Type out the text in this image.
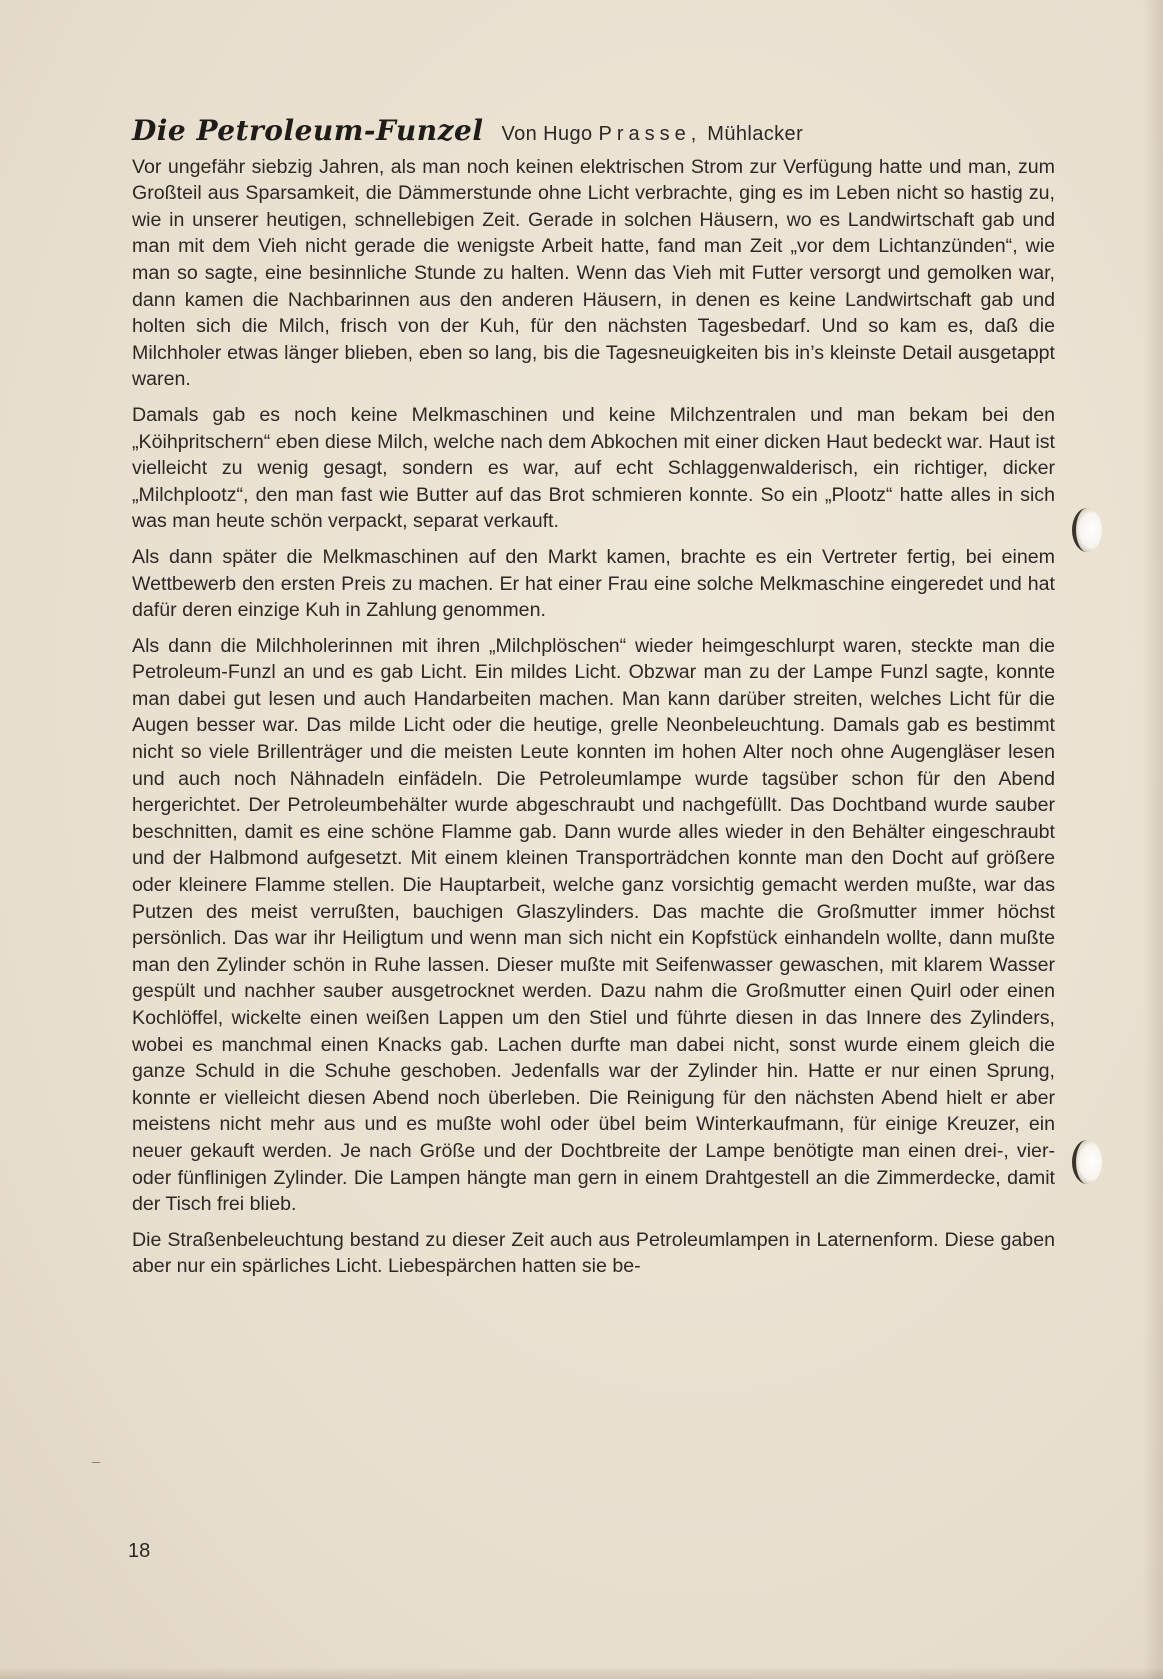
Die Petroleum-Funzel Von Hugo Prasse, Mühlacker

Vor ungefähr siebzig Jahren, als man noch keinen elektrischen Strom zur Verfügung hatte und man, zum Großteil aus Sparsamkeit, die Dämmerstunde ohne Licht verbrachte, ging es im Leben nicht so hastig zu, wie in unserer heutigen, schnellebigen Zeit. Gerade in solchen Häusern, wo es Landwirtschaft gab und man mit dem Vieh nicht gerade die wenigste Arbeit hatte, fand man Zeit „vor dem Lichtanzünden“, wie man so sagte, eine besinnliche Stunde zu halten. Wenn das Vieh mit Futter versorgt und gemolken war, dann kamen die Nachbarinnen aus den anderen Häusern, in denen es keine Landwirtschaft gab und holten sich die Milch, frisch von der Kuh, für den nächsten Tagesbedarf. Und so kam es, daß die Milchholer etwas länger blieben, eben so lang, bis die Tagesneuigkeiten bis in’s kleinste Detail ausgetappt waren.

Damals gab es noch keine Melkmaschinen und keine Milchzentralen und man bekam bei den „Köihpritschern“ eben diese Milch, welche nach dem Abkochen mit einer dicken Haut bedeckt war. Haut ist vielleicht zu wenig gesagt, sondern es war, auf echt Schlaggenwalderisch, ein richtiger, dicker „Milchplootz“, den man fast wie Butter auf das Brot schmieren konnte. So ein „Plootz“ hatte alles in sich was man heute schön verpackt, separat verkauft.

Als dann später die Melkmaschinen auf den Markt kamen, brachte es ein Vertreter fertig, bei einem Wettbewerb den ersten Preis zu machen. Er hat einer Frau eine solche Melkmaschine eingeredet und hat dafür deren einzige Kuh in Zahlung genommen.

Als dann die Milchholerinnen mit ihren „Milchplöschen“ wieder heimgeschlurpt waren, steckte man die Petroleum-Funzl an und es gab Licht. Ein mildes Licht. Obzwar man zu der Lampe Funzl sagte, konnte man dabei gut lesen und auch Handarbeiten machen. Man kann darüber streiten, welches Licht für die Augen besser war. Das milde Licht oder die heutige, grelle Neonbeleuchtung. Damals gab es bestimmt nicht so viele Brillenträger und die meisten Leute konnten im hohen Alter noch ohne Augengläser lesen und auch noch Nähnadeln einfädeln. Die Petroleumlampe wurde tagsüber schon für den Abend hergerichtet. Der Petroleumbehälter wurde abgeschraubt und nachgefüllt. Das Dochtband wurde sauber beschnitten, damit es eine schöne Flamme gab. Dann wurde alles wieder in den Behälter eingeschraubt und der Halbmond aufgesetzt. Mit einem kleinen Transporträdchen konnte man den Docht auf größere oder kleinere Flamme stellen. Die Hauptarbeit, welche ganz vorsichtig gemacht werden mußte, war das Putzen des meist verrußten, bauchigen Glaszylinders. Das machte die Großmutter immer höchst persönlich. Das war ihr Heiligtum und wenn man sich nicht ein Kopfstück einhandeln wollte, dann mußte man den Zylinder schön in Ruhe lassen. Dieser mußte mit Seifenwasser gewaschen, mit klarem Wasser gespült und nachher sauber ausgetrocknet werden. Dazu nahm die Großmutter einen Quirl oder einen Kochlöffel, wickelte einen weißen Lappen um den Stiel und führte diesen in das Innere des Zylinders, wobei es manchmal einen Knacks gab. Lachen durfte man dabei nicht, sonst wurde einem gleich die ganze Schuld in die Schuhe geschoben. Jedenfalls war der Zylinder hin. Hatte er nur einen Sprung, konnte er vielleicht diesen Abend noch überleben. Die Reinigung für den nächsten Abend hielt er aber meistens nicht mehr aus und es mußte wohl oder übel beim Winterkaufmann, für einige Kreuzer, ein neuer gekauft werden. Je nach Größe und der Dochtbreite der Lampe benötigte man einen drei-, vier- oder fünflinigen Zylinder. Die Lampen hängte man gern in einem Drahtgestell an die Zimmerdecke, damit der Tisch frei blieb.

Die Straßenbeleuchtung bestand zu dieser Zeit auch aus Petroleumlampen in Laternenform. Diese gaben aber nur ein spärliches Licht. Liebespärchen hatten sie be-

18
